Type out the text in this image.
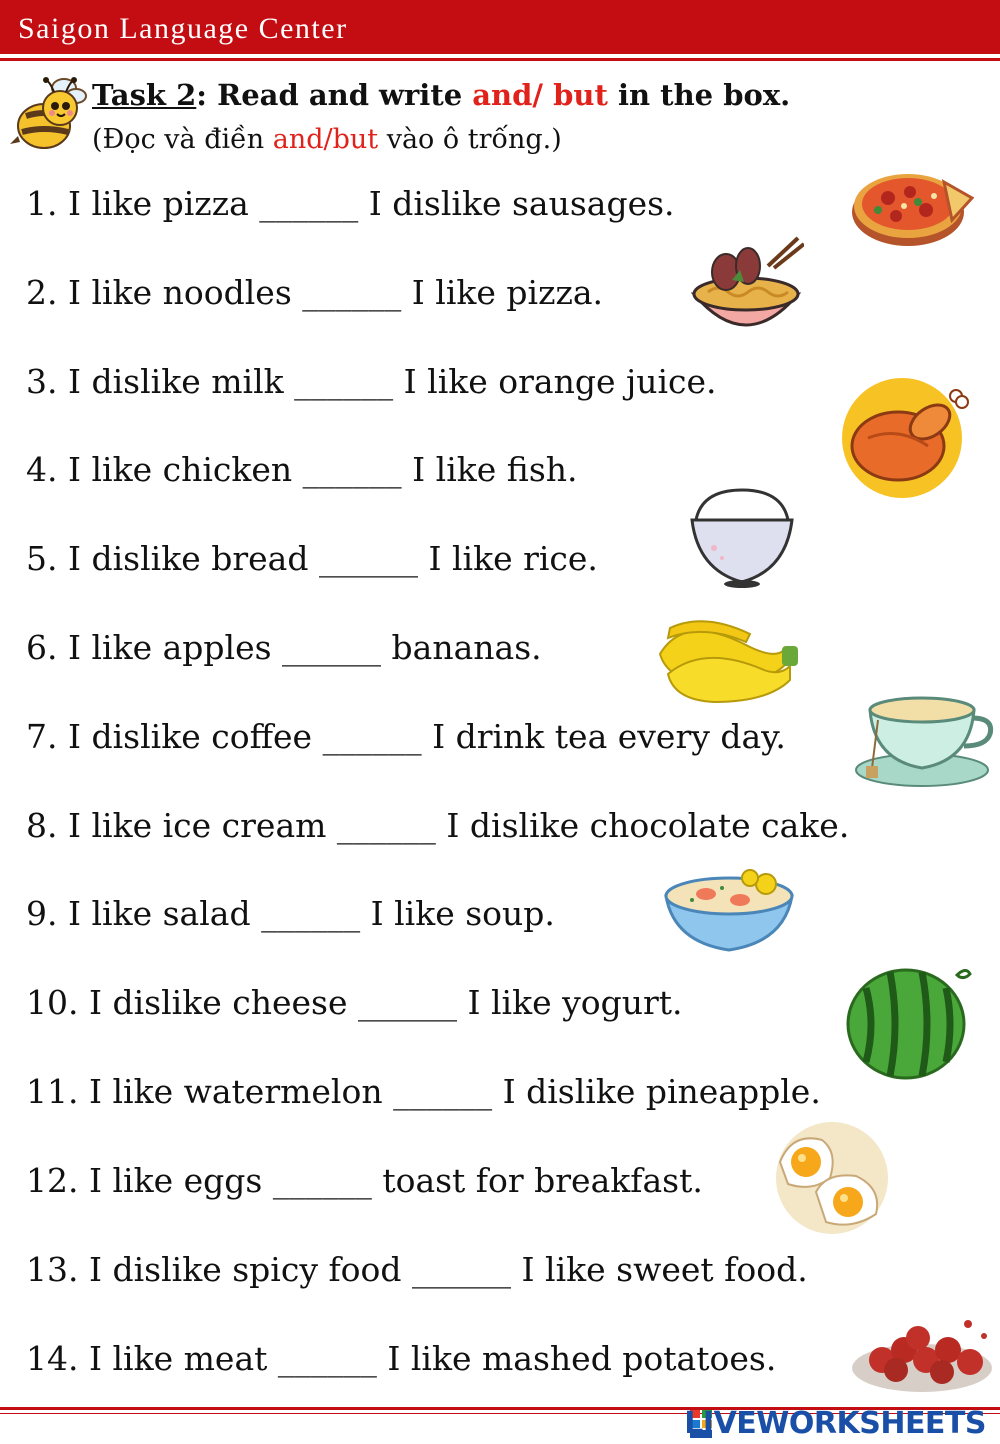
Saigon Language Center
Task 2: Read and write and/ but in the box.
(Đọc và điền and/but vào ô trống.)
1. I like pizza ______ I dislike sausages.
2. I like noodles ______ I like pizza.
3. I dislike milk ______ I like orange juice.
4. I like chicken ______ I like fish.
5. I dislike bread ______ I like rice.
6. I like apples ______ bananas.
7. I dislike coffee ______ I drink tea every day.
8. I like ice cream ______ I dislike chocolate cake.
9. I like salad ______ I like soup.
10. I dislike cheese ______ I like yogurt.
11. I like watermelon ______ I dislike pineapple.
12. I like eggs ______ toast for breakfast.
13. I dislike spicy food ______ I like sweet food.
14. I like meat ______ I like mashed potatoes.
LIVEWORKSHEETS
